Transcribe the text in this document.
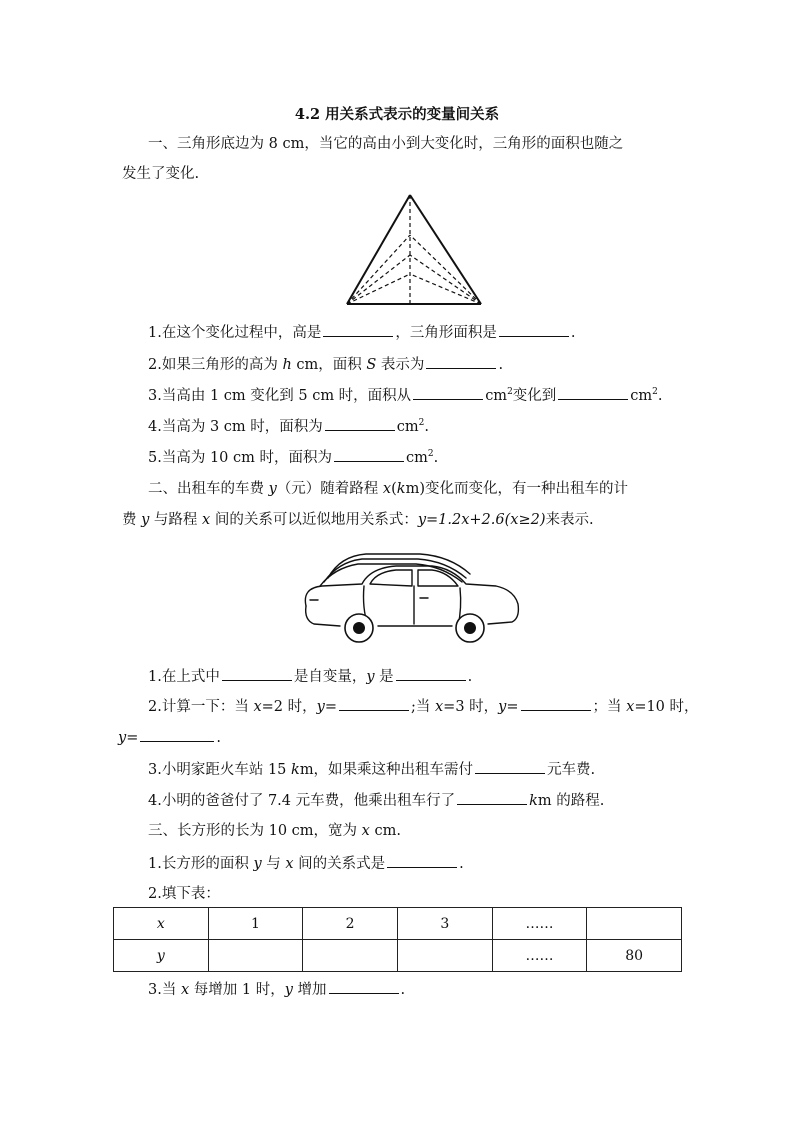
4.2 用关系式表示的变量间关系
一、三角形底边为 8 cm，当它的高由小到大变化时，三角形的面积也随之
发生了变化.
1.在这个变化过程中，高是	，三角形面积是	.
2.如果三角形的高为 h cm，面积 S 表示为	.
3.当高由 1 cm 变化到 5 cm 时，面积从	$cm^2$变化到	$cm^2$.
4.当高为 3 cm 时，面积为	$cm^2$.
5.当高为 10 cm 时，面积为	$cm^2$.
二、出租车的车费 y（元）随着路程 x(km)变化而变化，有一种出租车的计
费 y 与路程 x 间的关系可以近似地用关系式：y=1.2x+2.6(x≥2)来表示.
1.在上式中	是自变量，y 是	.
2.计算一下：当 x=2 时，y=	;当 x=3 时，y=	；当 x=10 时，
y=	.
3.小明家距火车站 15 km，如果乘这种出租车需付	元车费.
4.小明的爸爸付了 7.4 元车费，他乘出租车行了	km 的路程.
三、长方形的长为 10 cm，宽为 x cm.
1.长方形的面积 y 与 x 间的关系式是	.
2.填下表：
x	1	2	3	……	
y				……	80
3.当 x 每增加 1 时，y 增加	.
